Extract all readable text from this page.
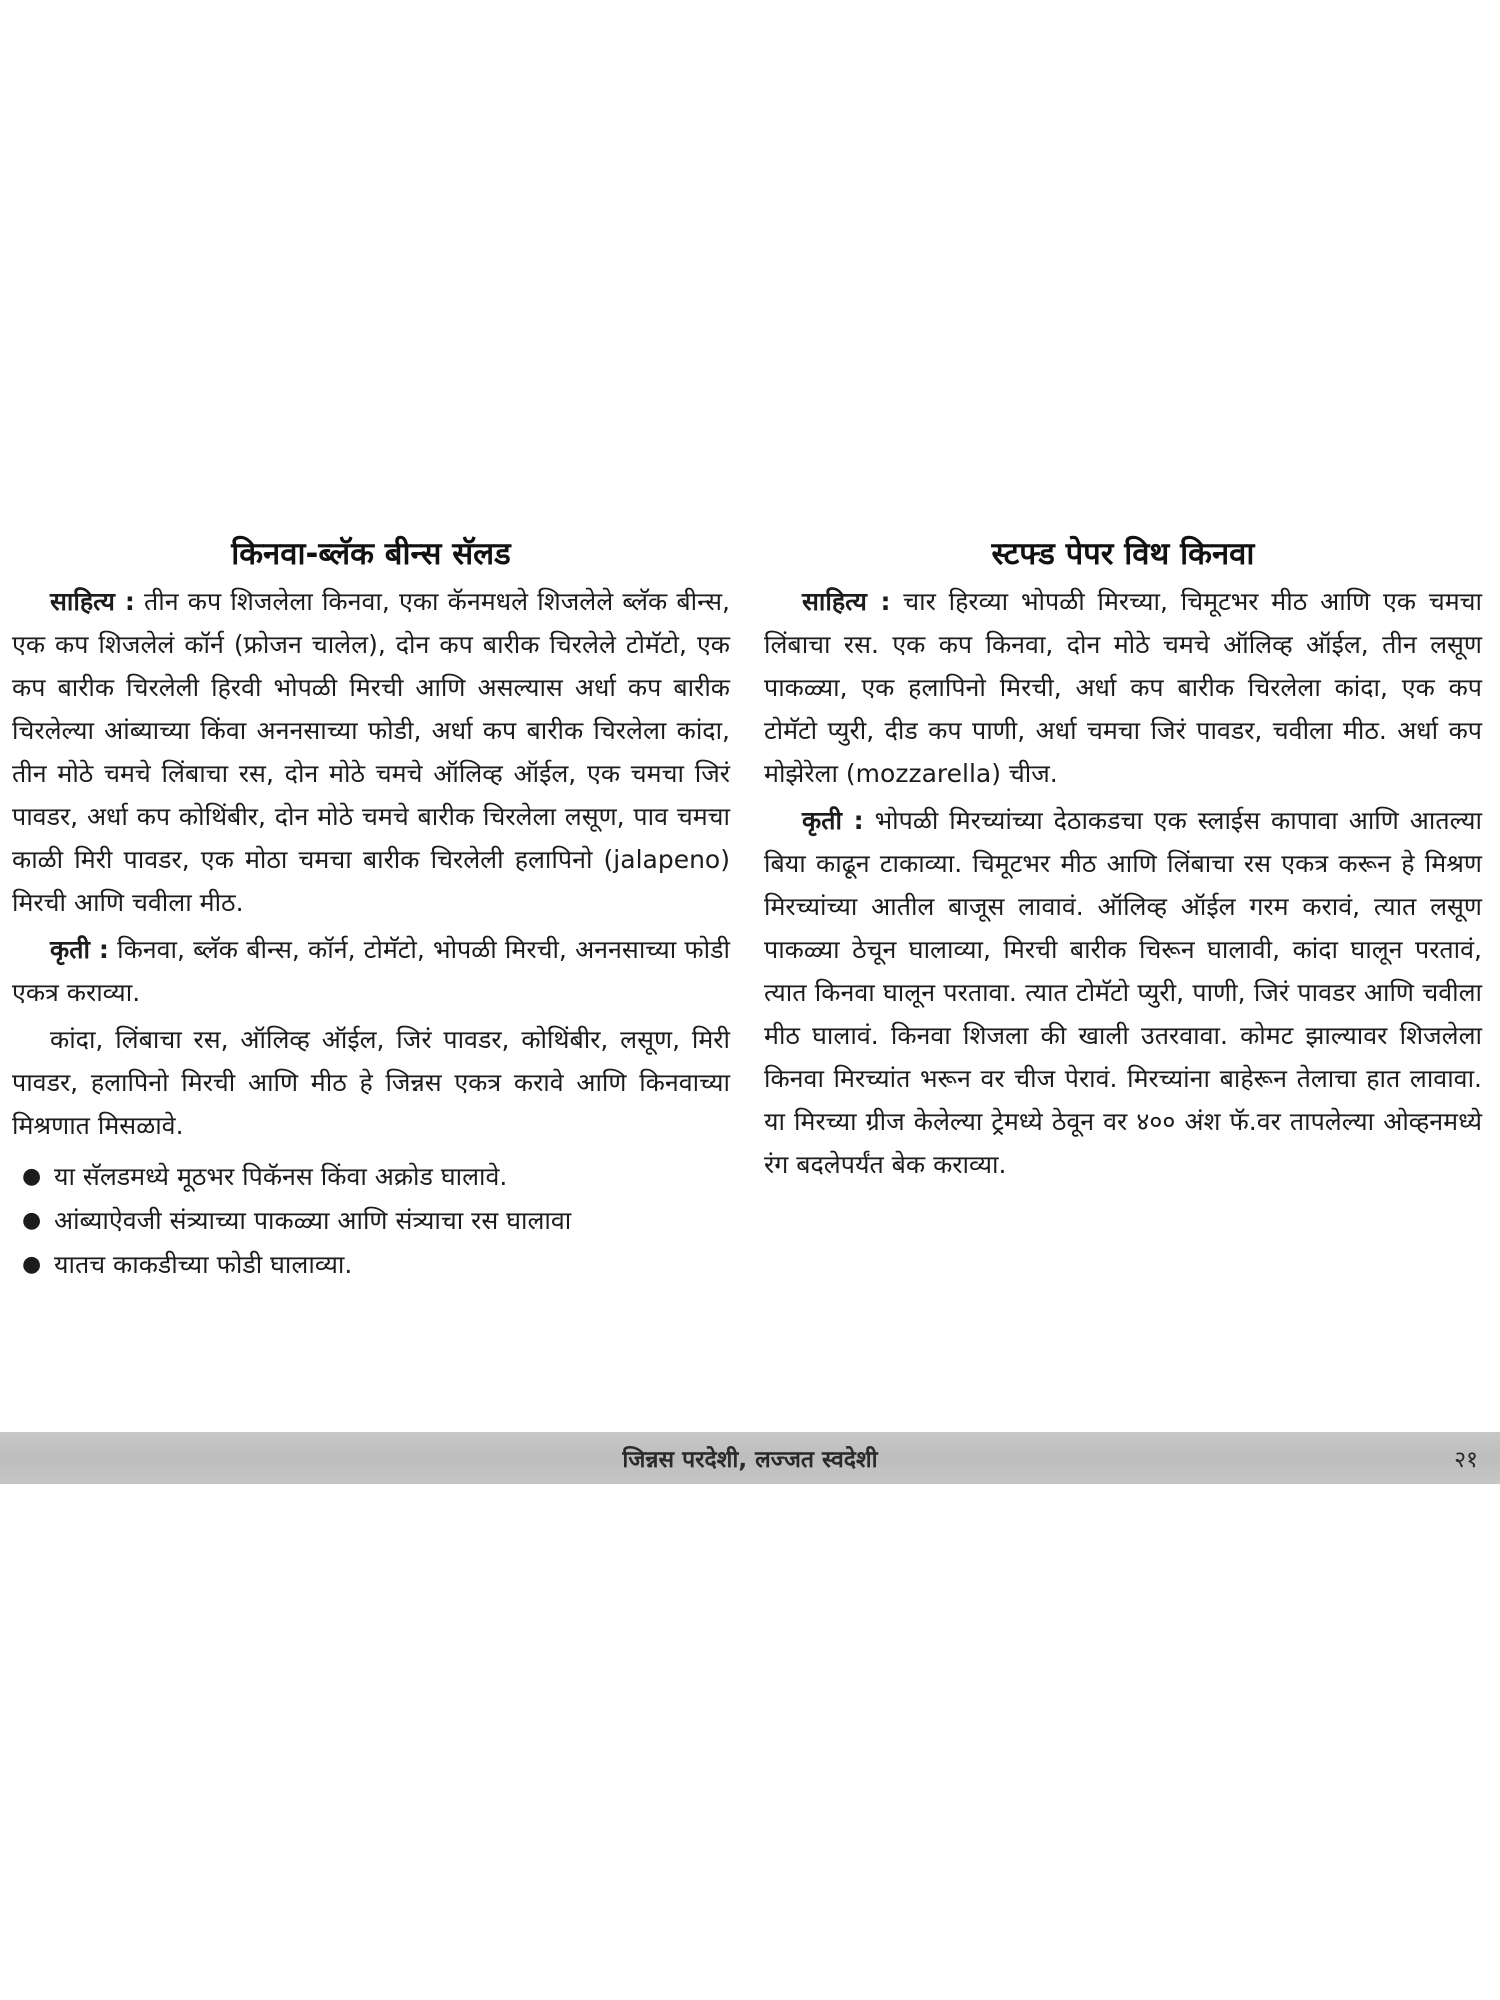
किनवा-ब्लॅक बीन्स सॅलड

साहित्य : तीन कप शिजलेला किनवा, एका कॅनमधले शिजलेले ब्लॅक बीन्स, एक कप शिजलेलं कॉर्न (फ्रोजन चालेल), दोन कप बारीक चिरलेले टोमॅटो, एक कप बारीक चिरलेली हिरवी भोपळी मिरची आणि असल्यास अर्धा कप बारीक चिरलेल्या आंब्याच्या किंवा अननसाच्या फोडी, अर्धा कप बारीक चिरलेला कांदा, तीन मोठे चमचे लिंबाचा रस, दोन मोठे चमचे ऑलिव्ह ऑईल, एक चमचा जिरं पावडर, अर्धा कप कोथिंबीर, दोन मोठे चमचे बारीक चिरलेला लसूण, पाव चमचा काळी मिरी पावडर, एक मोठा चमचा बारीक चिरलेली हलापिनो (jalapeno) मिरची आणि चवीला मीठ.

कृती : किनवा, ब्लॅक बीन्स, कॉर्न, टोमॅटो, भोपळी मिरची, अननसाच्या फोडी एकत्र कराव्या.

कांदा, लिंबाचा रस, ऑलिव्ह ऑईल, जिरं पावडर, कोथिंबीर, लसूण, मिरी पावडर, हलापिनो मिरची आणि मीठ हे जिन्नस एकत्र करावे आणि किनवाच्या मिश्रणात मिसळावे.

● या सॅलडमध्ये मूठभर पिकॅनस किंवा अक्रोड घालावे.
● आंब्याऐवजी संत्र्याच्या पाकळ्या आणि संत्र्याचा रस घालावा
● यातच काकडीच्या फोडी घालाव्या.
स्टफ्ड पेपर विथ किनवा

साहित्य : चार हिरव्या भोपळी मिरच्या, चिमूटभर मीठ आणि एक चमचा लिंबाचा रस. एक कप किनवा, दोन मोठे चमचे ऑलिव्ह ऑईल, तीन लसूण पाकळ्या, एक हलापिनो मिरची, अर्धा कप बारीक चिरलेला कांदा, एक कप टोमॅटो प्युरी, दीड कप पाणी, अर्धा चमचा जिरं पावडर, चवीला मीठ. अर्धा कप मोझेरेला (mozzarella) चीज.

कृती : भोपळी मिरच्यांच्या देठाकडचा एक स्लाईस कापावा आणि आतल्या बिया काढून टाकाव्या. चिमूटभर मीठ आणि लिंबाचा रस एकत्र करून हे मिश्रण मिरच्यांच्या आतील बाजूस लावावं. ऑलिव्ह ऑईल गरम करावं, त्यात लसूण पाकळ्या ठेचून घालाव्या, मिरची बारीक चिरून घालावी, कांदा घालून परतावं, त्यात किनवा घालून परतावा. त्यात टोमॅटो प्युरी, पाणी, जिरं पावडर आणि चवीला मीठ घालावं. किनवा शिजला की खाली उतरवावा. कोमट झाल्यावर शिजलेला किनवा मिरच्यांत भरून वर चीज पेरावं. मिरच्यांना बाहेरून तेलाचा हात लावावा. या मिरच्या ग्रीज केलेल्या ट्रेमध्ये ठेवून वर ४०० अंश फॅ.वर तापलेल्या ओव्हनमध्ये रंग बदलेपर्यंत बेक कराव्या.

जिन्नस परदेशी, लज्जत स्वदेशी	२१
